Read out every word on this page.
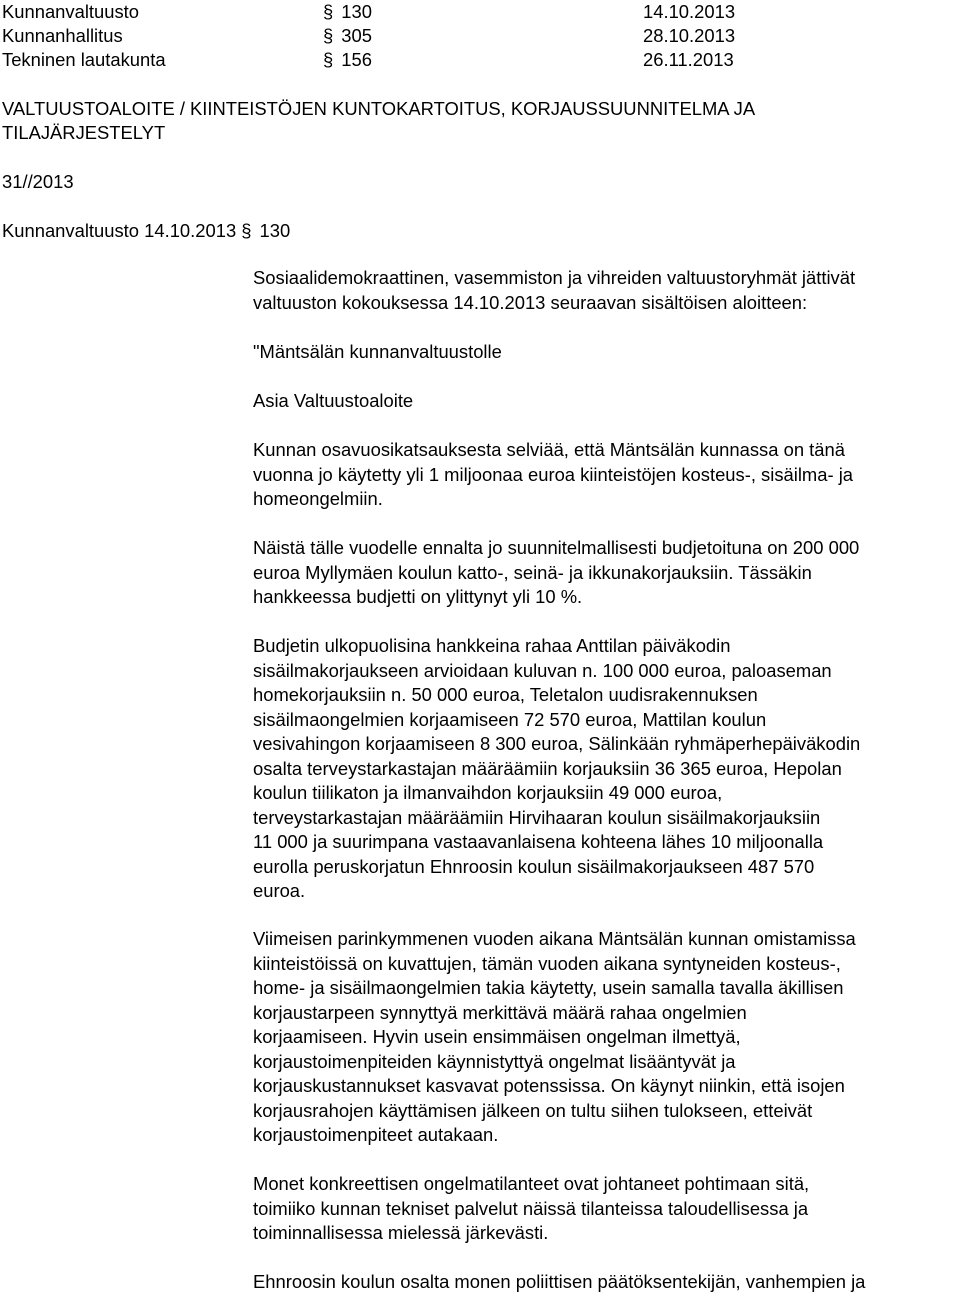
Kunnanvaltuusto	§ 130	14.10.2013
Kunnanhallitus	§ 305	28.10.2013
Tekninen lautakunta	§ 156	26.11.2013
VALTUUSTOALOITE / KIINTEISTÖJEN KUNTOKARTOITUS, KORJAUSSUUNNITELMA JA
TILAJÄRJESTELYT
31//2013
Kunnanvaltuusto 14.10.2013 § 130

Sosiaalidemokraattinen, vasemmiston ja vihreiden valtuustoryhmät jättivät
valtuuston kokouksessa 14.10.2013 seuraavan sisältöisen aloitteen:

"Mäntsälän kunnanvaltuustolle

Asia Valtuustoaloite

Kunnan osavuosikatsauksesta selviää, että Mäntsälän kunnassa on tänä
vuonna jo käytetty yli 1 miljoonaa euroa kiinteistöjen kosteus-, sisäilma- ja
homeongelmiin.

Näistä tälle vuodelle ennalta jo suunnitelmallisesti budjetoituna on 200 000
euroa Myllymäen koulun katto-, seinä- ja ikkunakorjauksiin. Tässäkin
hankkeessa budjetti on ylittynyt yli 10 %.

Budjetin ulkopuolisina hankkeina rahaa Anttilan päiväkodin
sisäilmakorjaukseen arvioidaan kuluvan n. 100 000 euroa, paloaseman
homekorjauksiin n. 50 000 euroa, Teletalon uudisrakennuksen
sisäilmaongelmien korjaamiseen 72 570 euroa, Mattilan koulun
vesivahingon korjaamiseen 8 300 euroa, Sälinkään ryhmäperhepäiväkodin
osalta terveystarkastajan määräämiin korjauksiin 36 365 euroa, Hepolan
koulun tiilikaton ja ilmanvaihdon korjauksiin 49 000 euroa,
terveystarkastajan määräämiin Hirvihaaran koulun sisäilmakorjauksiin
11 000 ja suurimpana vastaavanlaisena kohteena lähes 10 miljoonalla
eurolla peruskorjatun Ehnroosin koulun sisäilmakorjaukseen 487 570
euroa.

Viimeisen parinkymmenen vuoden aikana Mäntsälän kunnan omistamissa
kiinteistöissä on kuvattujen, tämän vuoden aikana syntyneiden kosteus-,
home- ja sisäilmaongelmien takia käytetty, usein samalla tavalla äkillisen
korjaustarpeen synnyttyä merkittävä määrä rahaa ongelmien
korjaamiseen. Hyvin usein ensimmäisen ongelman ilmettyä,
korjaustoimenpiteiden käynnistyttyä ongelmat lisääntyvät ja
korjauskustannukset kasvavat potenssissa. On käynyt niinkin, että isojen
korjausrahojen käyttämisen jälkeen on tultu siihen tulokseen, etteivät
korjaustoimenpiteet autakaan.

Monet konkreettisen ongelmatilanteet ovat johtaneet pohtimaan sitä,
toimiiko kunnan tekniset palvelut näissä tilanteissa taloudellisessa ja
toiminnallisessa mielessä järkevästi.

Ehnroosin koulun osalta monen poliittisen päätöksentekijän, vanhempien ja
